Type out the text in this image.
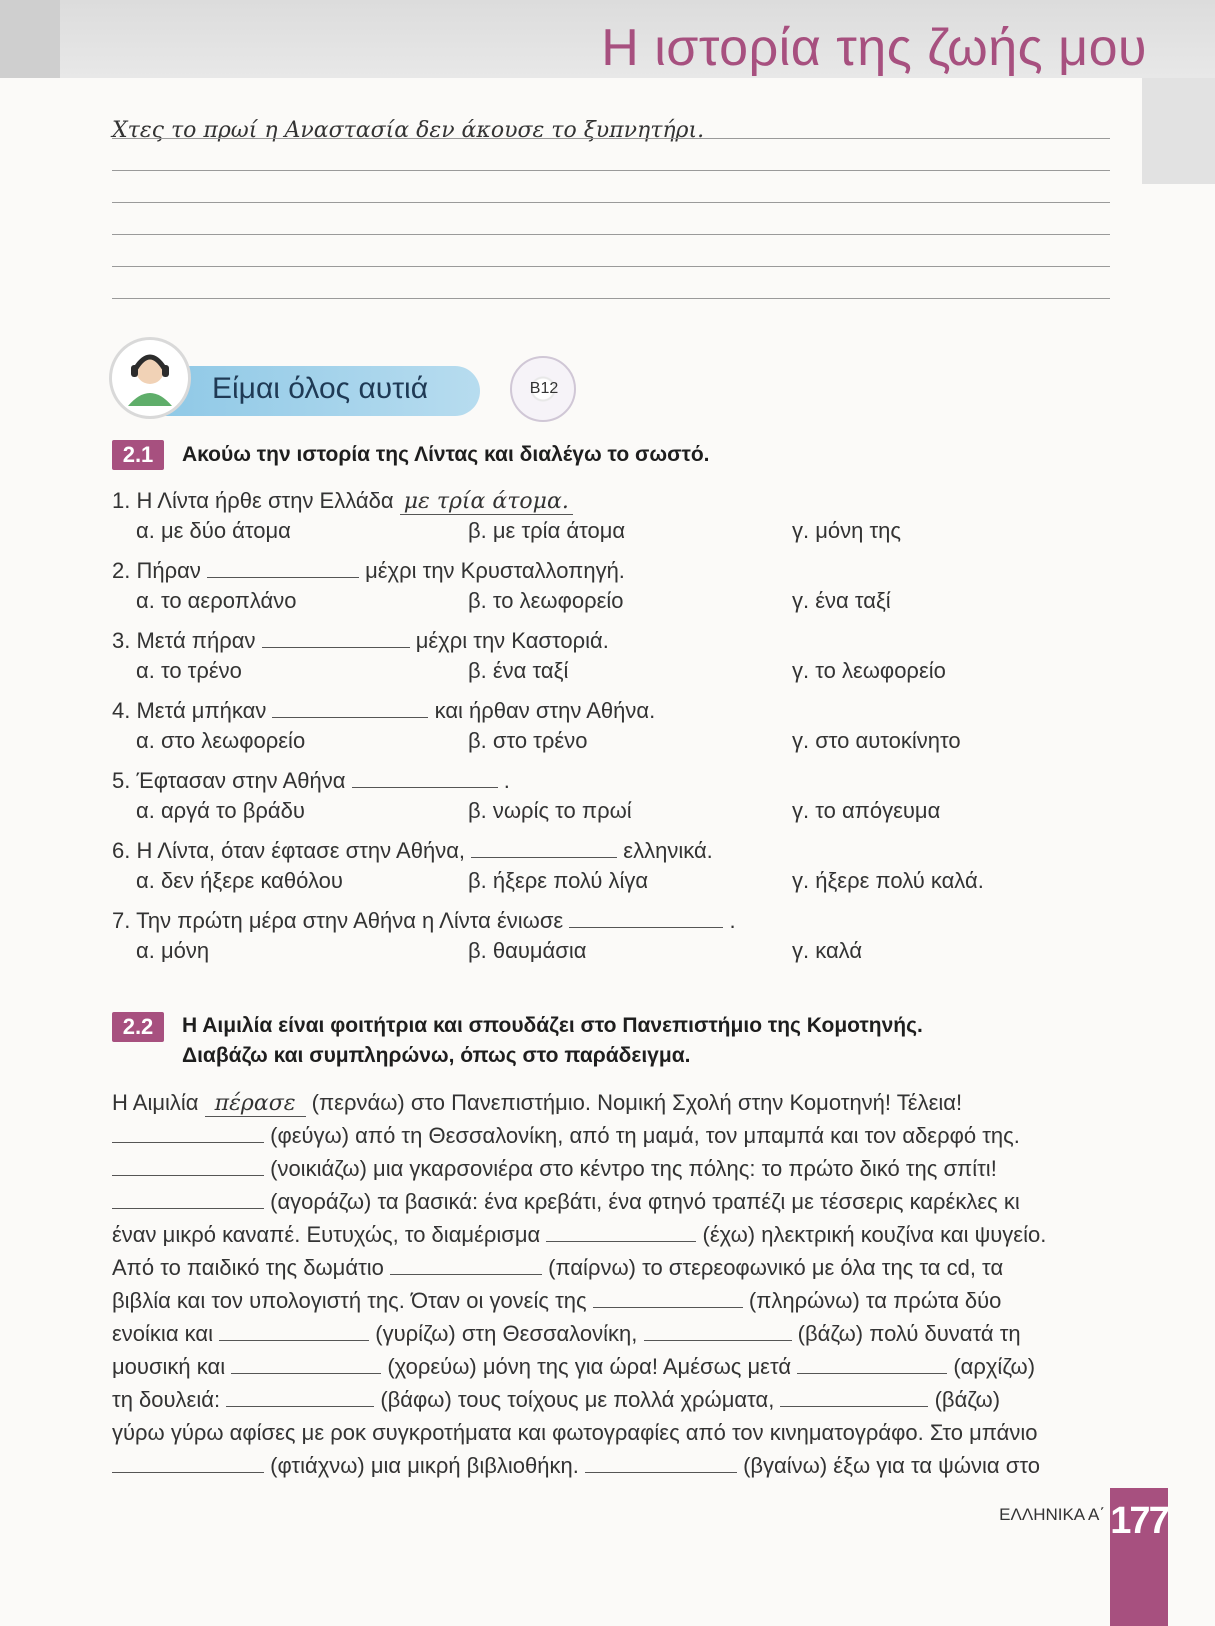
Η ιστορία της ζωής μου
Χτες το πρωί η Αναστασία δεν άκουσε το ξυπνητήρι.
Είμαι όλος αυτιά	B12
2.1	Ακούω την ιστορία της Λίντας και διαλέγω το σωστό.
1. Η Λίντα ήρθε στην Ελλάδα με τρία άτομα.
α. με δύο άτομα	β. με τρία άτομα	γ. μόνη της
2. Πήραν	μέχρι την Κρυσταλλοπηγή.
α. το αεροπλάνο	β. το λεωφορείο	γ. ένα ταξί
3. Μετά πήραν	μέχρι την Καστοριά.
α. το τρένο	β. ένα ταξί	γ. το λεωφορείο
4. Μετά μπήκαν	και ήρθαν στην Αθήνα.
α. στο λεωφορείο	β. στο τρένο	γ. στο αυτοκίνητο
5. Έφτασαν στην Αθήνα	.
α. αργά το βράδυ	β. νωρίς το πρωί	γ. το απόγευμα
6. Η Λίντα, όταν έφτασε στην Αθήνα,	ελληνικά.
α. δεν ήξερε καθόλου	β. ήξερε πολύ λίγα	γ. ήξερε πολύ καλά.
7. Την πρώτη μέρα στην Αθήνα η Λίντα ένιωσε	.
α. μόνη	β. θαυμάσια	γ. καλά
2.2	Η Αιμιλία είναι φοιτήτρια και σπουδάζει στο Πανεπιστήμιο της Κομοτηνής.
Διαβάζω και συμπληρώνω, όπως στο παράδειγμα.
Η Αιμιλία πέρασε (περνάω) στο Πανεπιστήμιο. Νομική Σχολή στην Κομοτηνή! Τέλεια!
(φεύγω) από τη Θεσσαλονίκη, από τη μαμά, τον μπαμπά και τον αδερφό της.
(νοικιάζω) μια γκαρσονιέρα στο κέντρο της πόλης: το πρώτο δικό της σπίτι!
(αγοράζω) τα βασικά: ένα κρεβάτι, ένα φτηνό τραπέζι με τέσσερις καρέκλες κι
έναν μικρό καναπέ. Ευτυχώς, το διαμέρισμα	(έχω) ηλεκτρική κουζίνα και ψυγείο.
Από το παιδικό της δωμάτιο	(παίρνω) το στερεοφωνικό με όλα της τα cd, τα
βιβλία και τον υπολογιστή της. Όταν οι γονείς της	(πληρώνω) τα πρώτα δύο
ενοίκια και	(γυρίζω) στη Θεσσαλονίκη,	(βάζω) πολύ δυνατά τη
μουσική και	(χορεύω) μόνη της για ώρα! Αμέσως μετά	(αρχίζω)
τη δουλειά:	(βάφω) τους τοίχους με πολλά χρώματα,	(βάζω)
γύρω γύρω αφίσες με ροκ συγκροτήματα και φωτογραφίες από τον κινηματογράφο. Στο μπάνιο
(φτιάχνω) μια μικρή βιβλιοθήκη.	(βγαίνω) έξω για τα ψώνια στο
ΕΛΛΗΝΙΚΑ Α΄ 177
